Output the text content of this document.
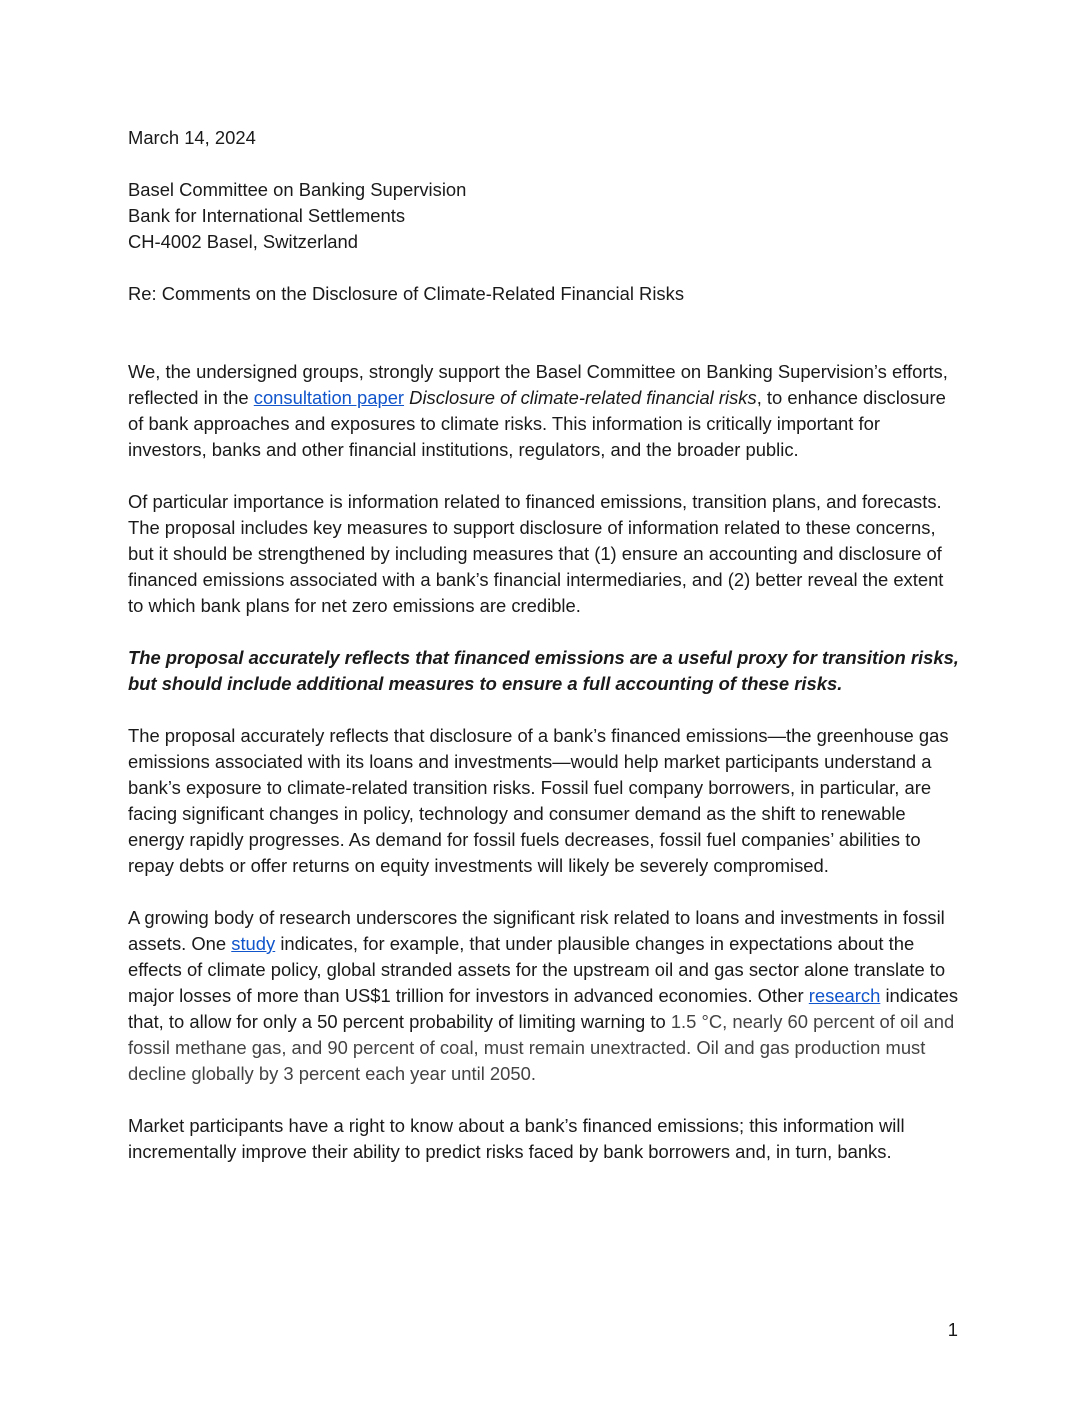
March 14, 2024

Basel Committee on Banking Supervision
Bank for International Settlements
CH-4002 Basel, Switzerland

Re: Comments on the Disclosure of Climate-Related Financial Risks

We, the undersigned groups, strongly support the Basel Committee on Banking Supervision’s efforts, reflected in the consultation paper Disclosure of climate-related financial risks, to enhance disclosure of bank approaches and exposures to climate risks. This information is critically important for investors, banks and other financial institutions, regulators, and the broader public.

Of particular importance is information related to financed emissions, transition plans, and forecasts. The proposal includes key measures to support disclosure of information related to these concerns, but it should be strengthened by including measures that (1) ensure an accounting and disclosure of financed emissions associated with a bank’s financial intermediaries, and (2) better reveal the extent to which bank plans for net zero emissions are credible.

The proposal accurately reflects that financed emissions are a useful proxy for transition risks, but should include additional measures to ensure a full accounting of these risks.

The proposal accurately reflects that disclosure of a bank’s financed emissions—the greenhouse gas emissions associated with its loans and investments—would help market participants understand a bank’s exposure to climate-related transition risks. Fossil fuel company borrowers, in particular, are facing significant changes in policy, technology and consumer demand as the shift to renewable energy rapidly progresses. As demand for fossil fuels decreases, fossil fuel companies’ abilities to repay debts or offer returns on equity investments will likely be severely compromised.

A growing body of research underscores the significant risk related to loans and investments in fossil assets. One study indicates, for example, that under plausible changes in expectations about the effects of climate policy, global stranded assets for the upstream oil and gas sector alone translate to major losses of more than US$1 trillion for investors in advanced economies. Other research indicates that, to allow for only a 50 percent probability of limiting warning to 1.5 °C, nearly 60 percent of oil and fossil methane gas, and 90 percent of coal, must remain unextracted. Oil and gas production must decline globally by 3 percent each year until 2050.

Market participants have a right to know about a bank’s financed emissions; this information will incrementally improve their ability to predict risks faced by bank borrowers and, in turn, banks.

1
